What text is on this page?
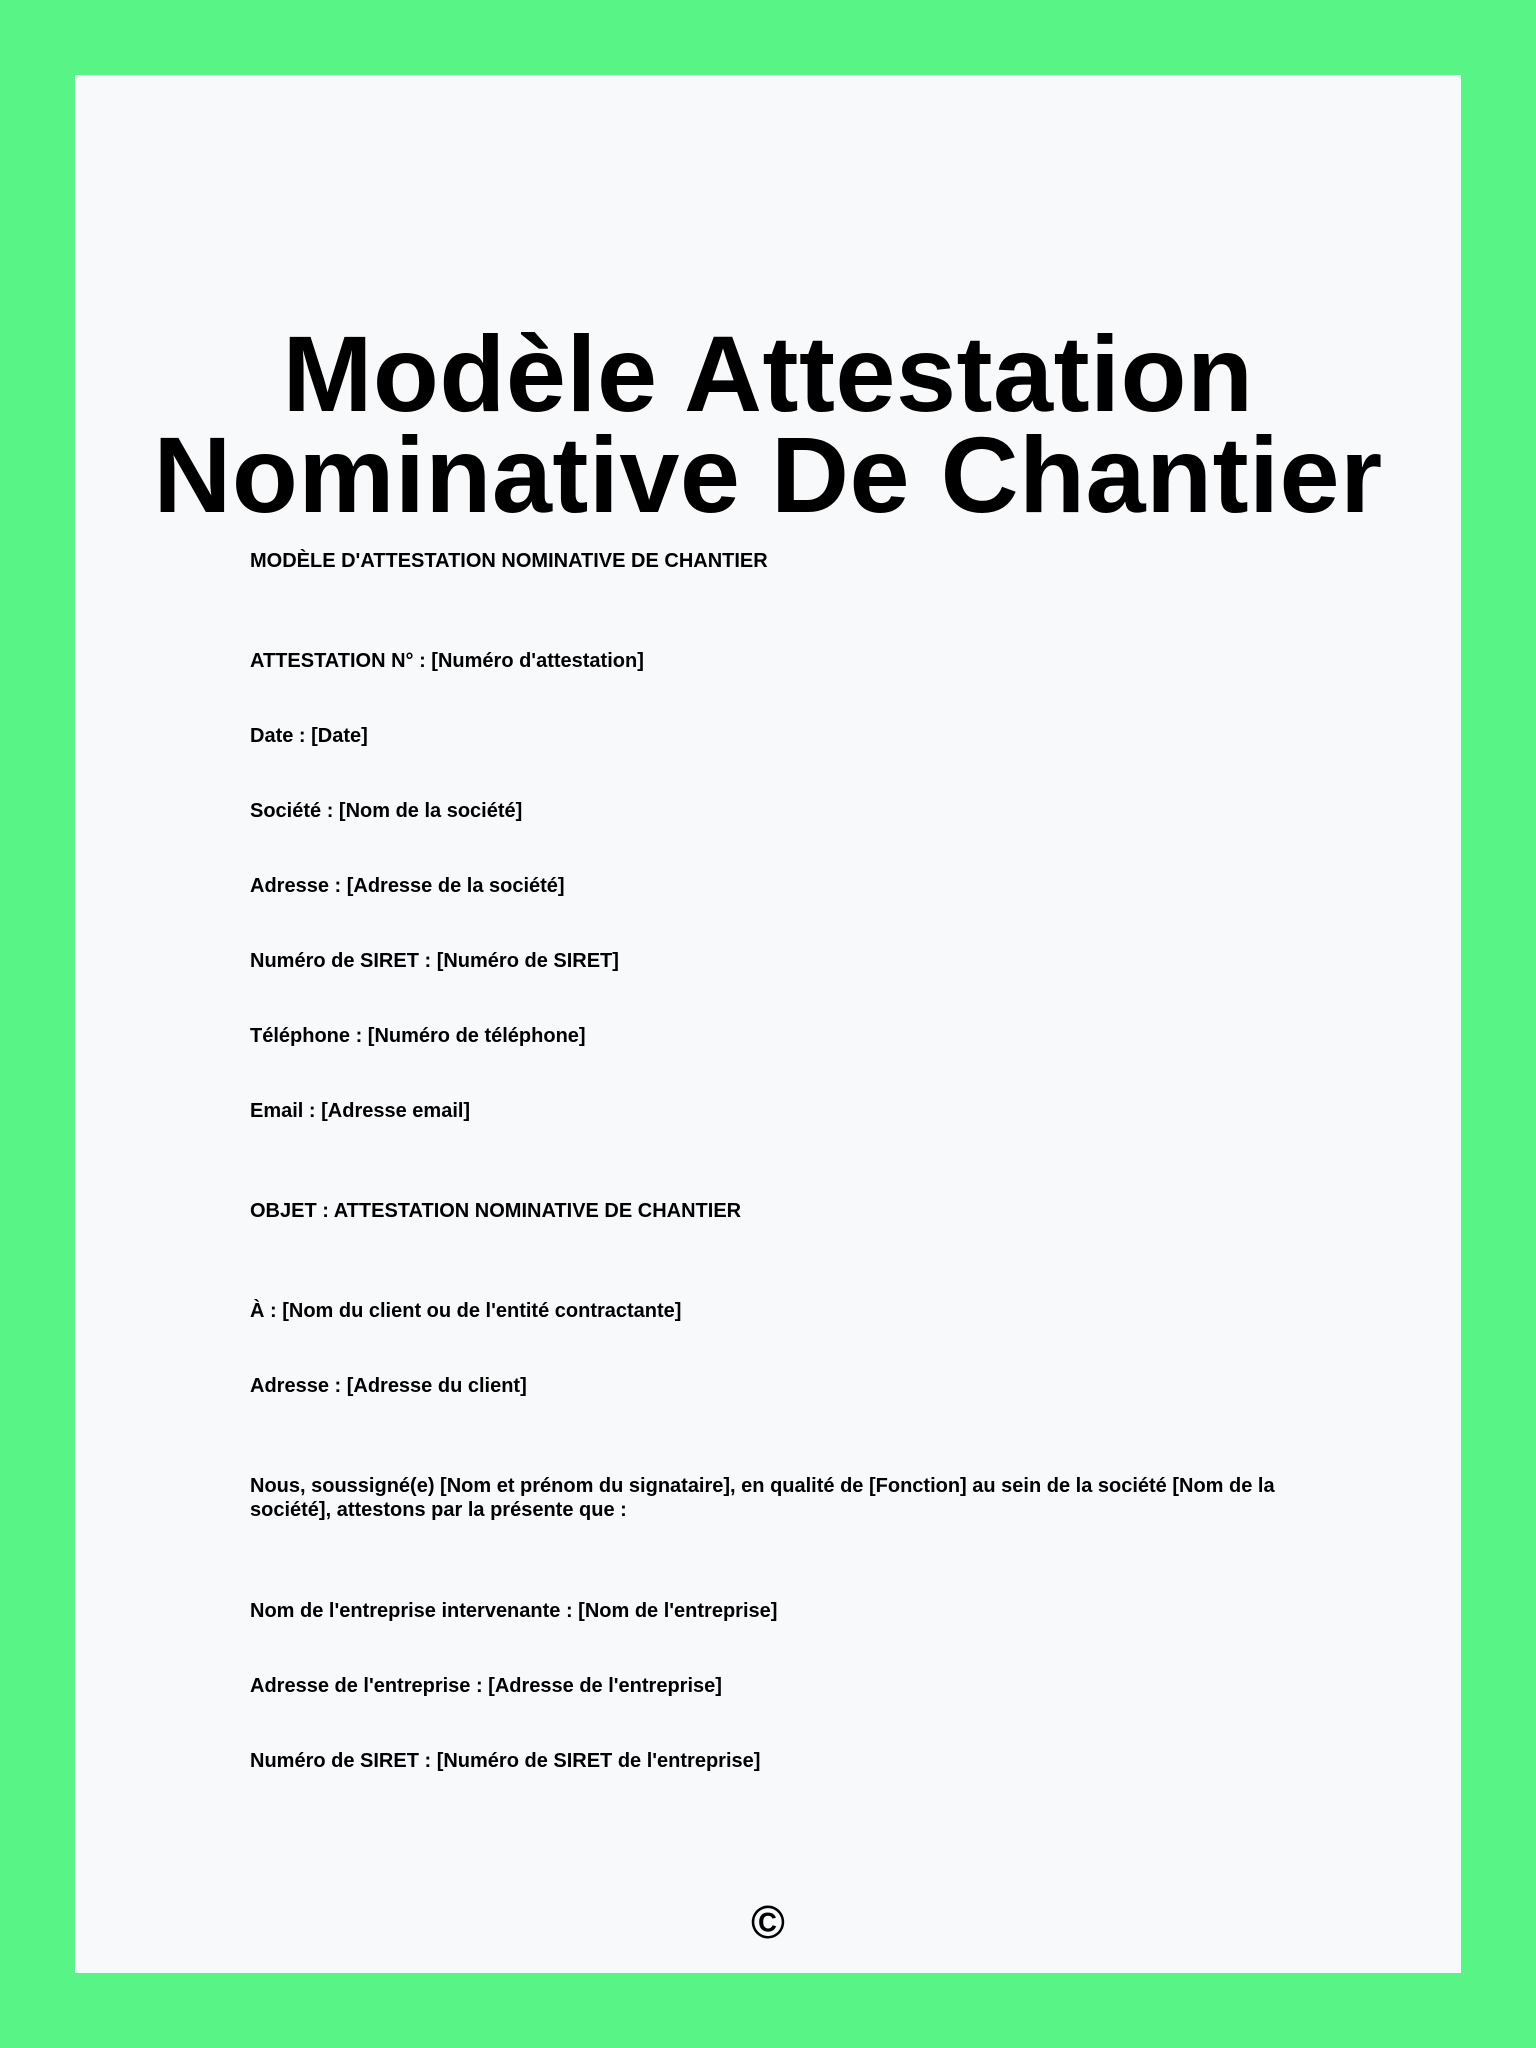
Modèle Attestation Nominative De Chantier

MODÈLE D'ATTESTATION NOMINATIVE DE CHANTIER

ATTESTATION N° : [Numéro d'attestation]

Date : [Date]

Société : [Nom de la société]

Adresse : [Adresse de la société]

Numéro de SIRET : [Numéro de SIRET]

Téléphone : [Numéro de téléphone]

Email : [Adresse email]

OBJET : ATTESTATION NOMINATIVE DE CHANTIER

À : [Nom du client ou de l'entité contractante]

Adresse : [Adresse du client]

Nous, soussigné(e) [Nom et prénom du signataire], en qualité de [Fonction] au sein de la société [Nom de la société], attestons par la présente que :

Nom de l'entreprise intervenante : [Nom de l'entreprise]

Adresse de l'entreprise : [Adresse de l'entreprise]

Numéro de SIRET : [Numéro de SIRET de l'entreprise]

©
